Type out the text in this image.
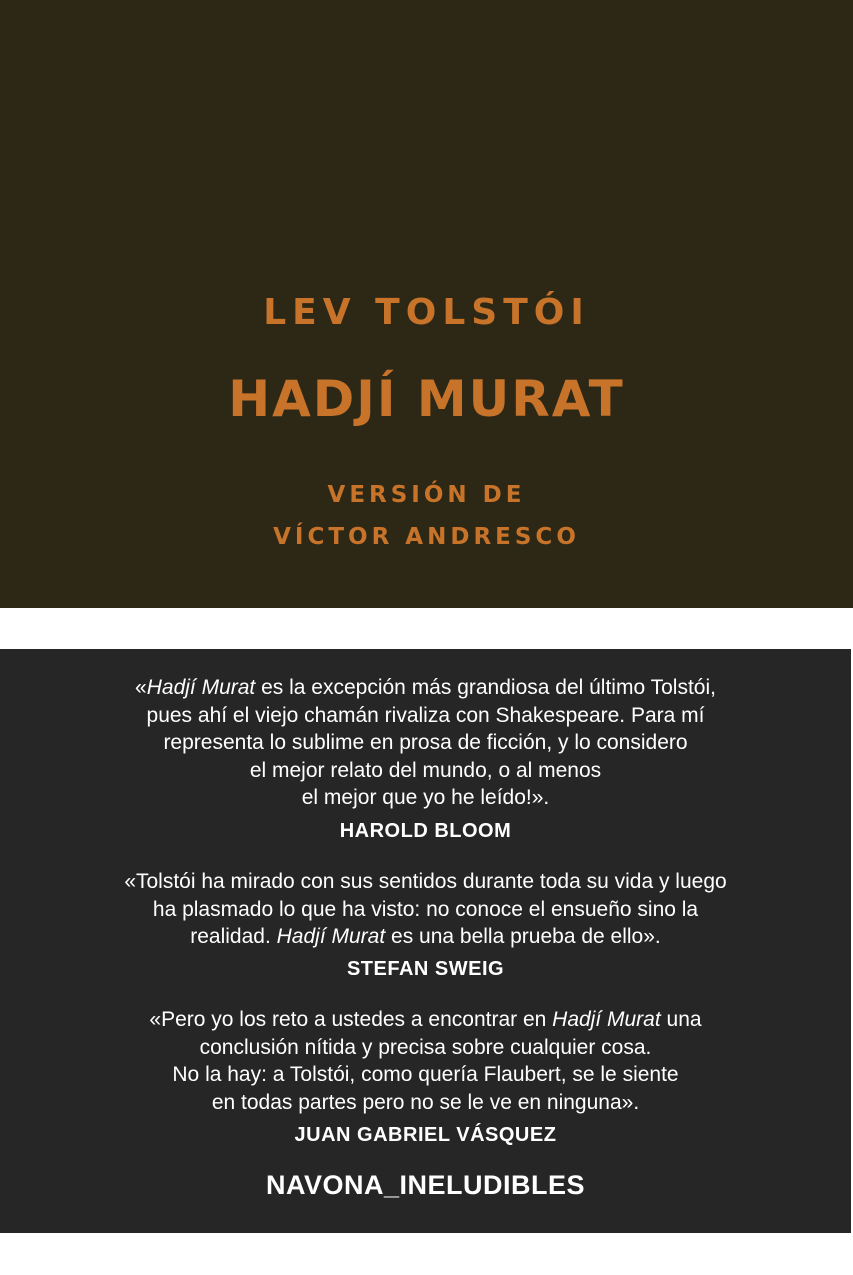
LEV TOLSTÓI
HADJÍ MURAT
VERSIÓN DE
VÍCTOR ANDRESCO
«Hadjí Murat es la excepción más grandiosa del último Tolstói,
pues ahí el viejo chamán rivaliza con Shakespeare. Para mí
representa lo sublime en prosa de ficción, y lo considero
el mejor relato del mundo, o al menos
el mejor que yo he leído!».
HAROLD BLOOM
«Tolstói ha mirado con sus sentidos durante toda su vida y luego
ha plasmado lo que ha visto: no conoce el ensueño sino la
realidad. Hadjí Murat es una bella prueba de ello».
STEFAN SWEIG
«Pero yo los reto a ustedes a encontrar en Hadjí Murat una
conclusión nítida y precisa sobre cualquier cosa.
No la hay: a Tolstói, como quería Flaubert, se le siente
en todas partes pero no se le ve en ninguna».
JUAN GABRIEL VÁSQUEZ
NAVONA_INELUDIBLES
